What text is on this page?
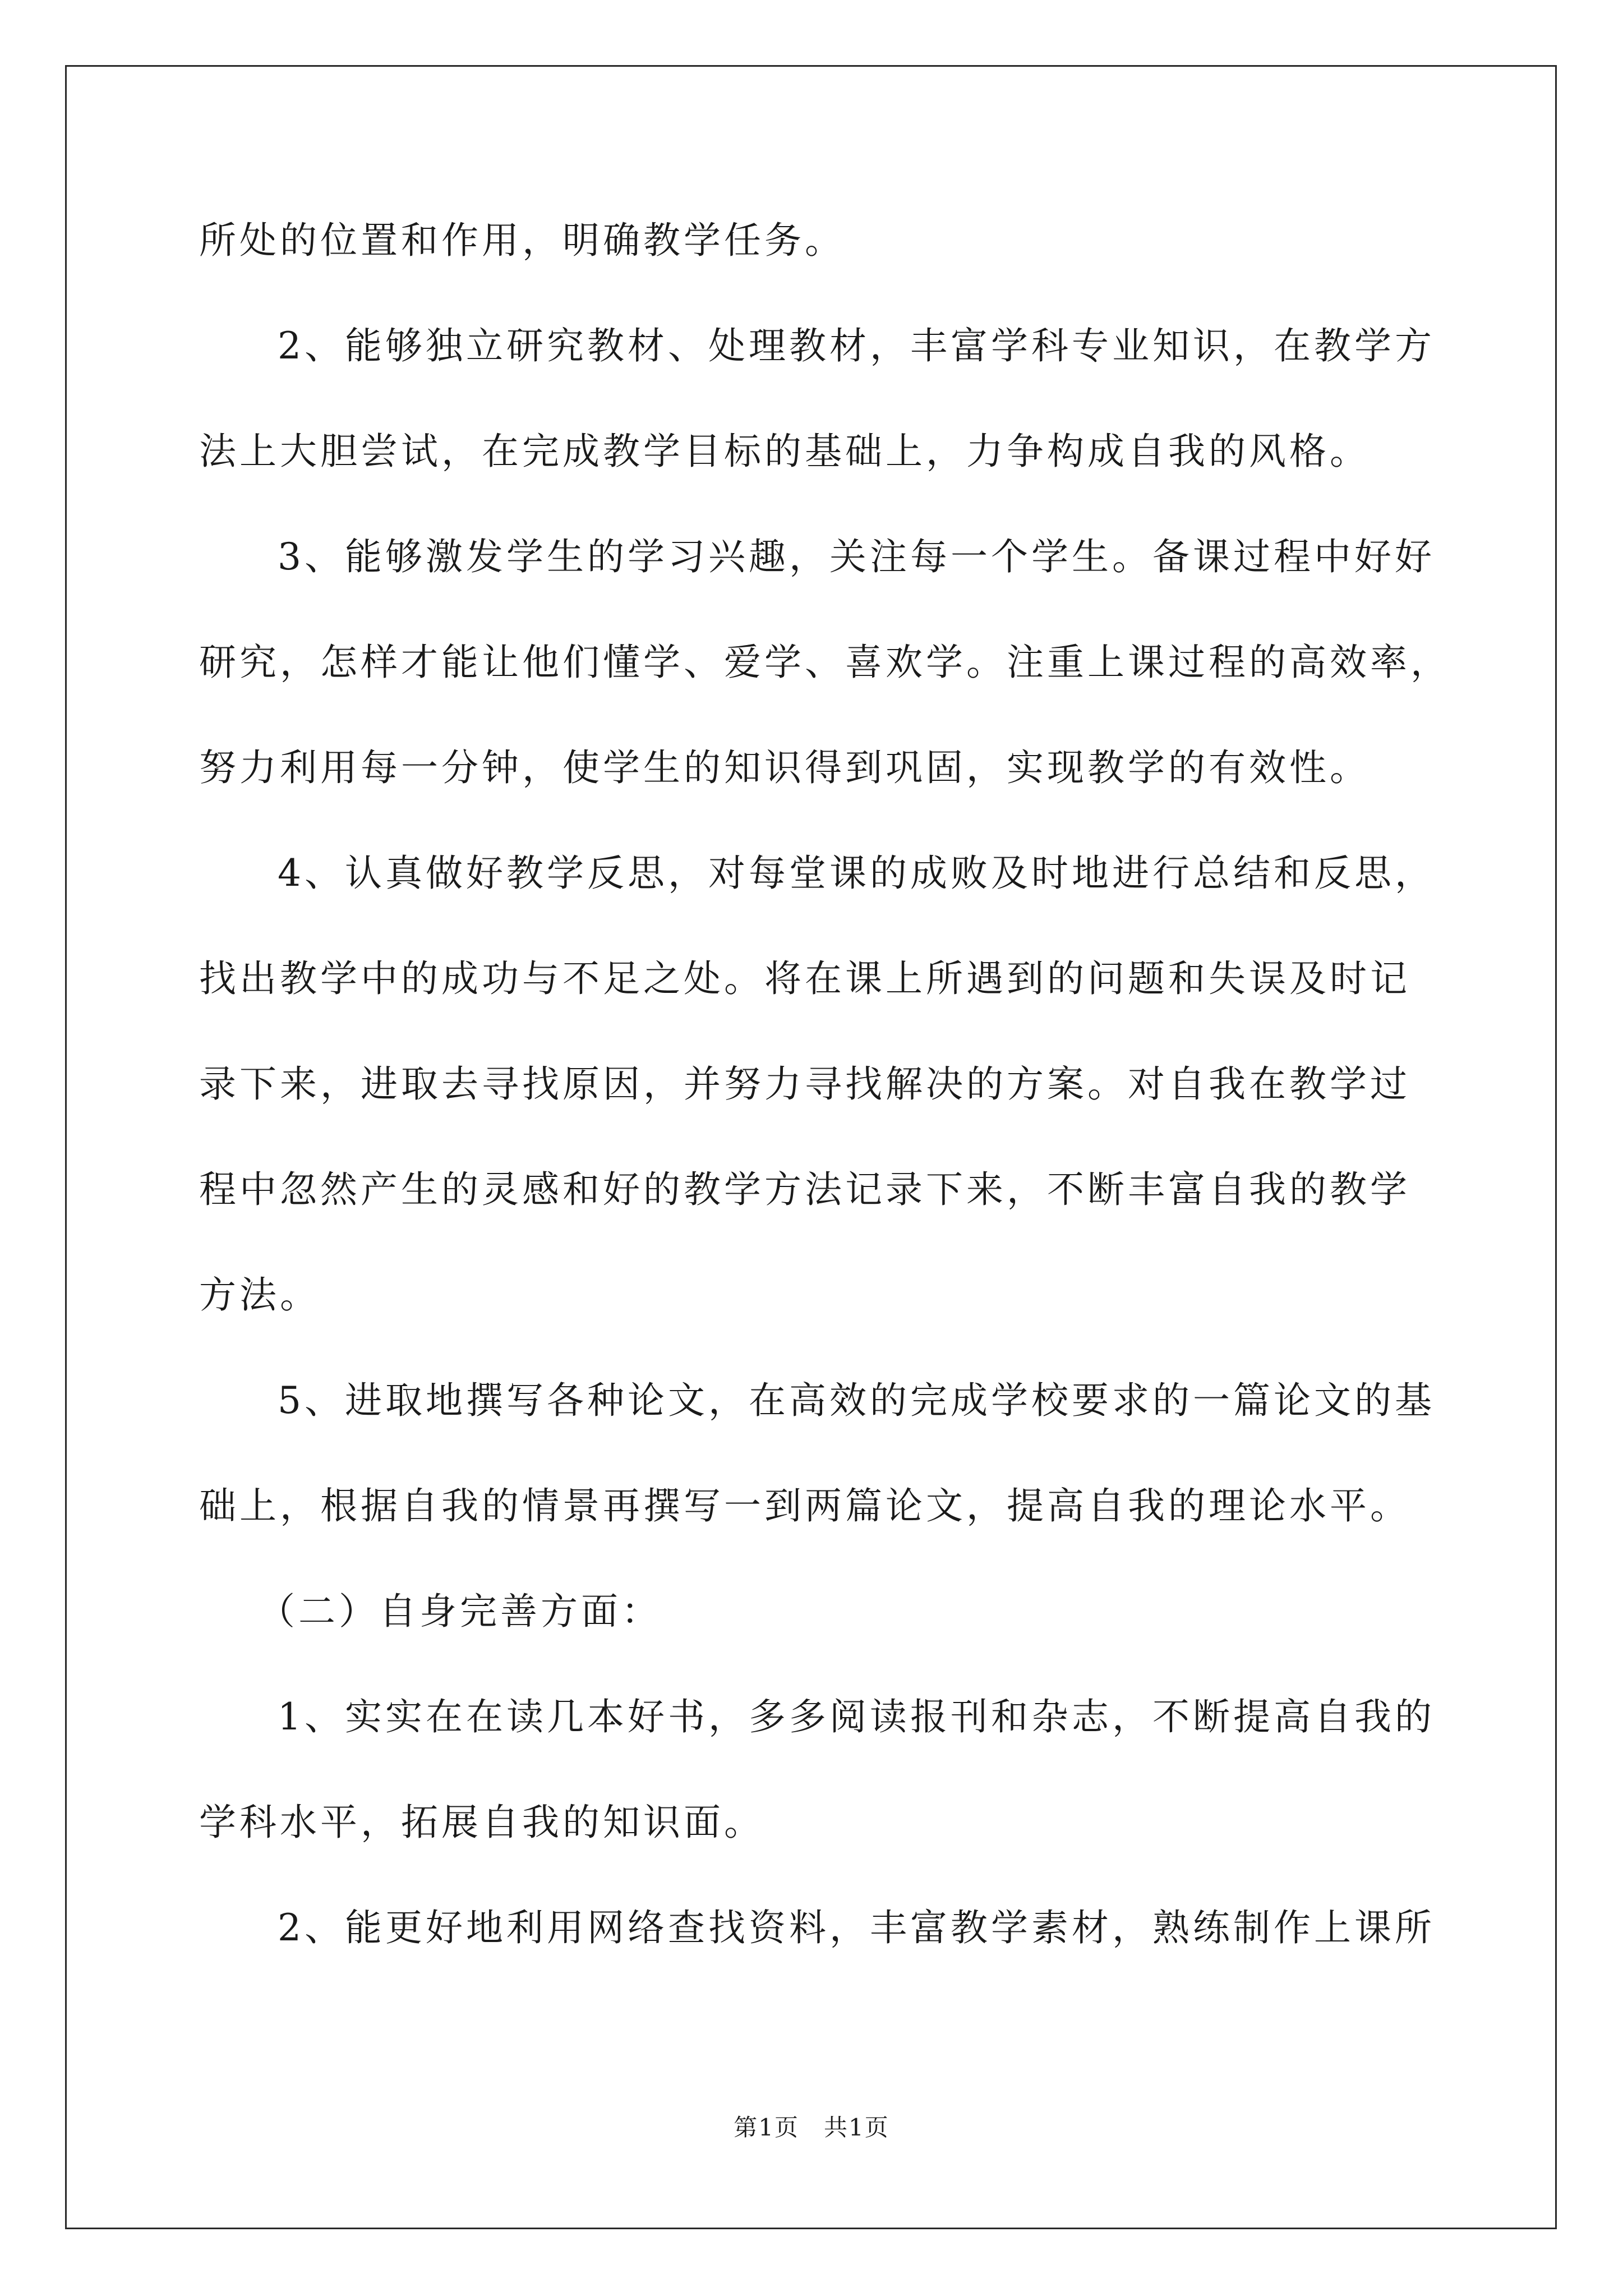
所处的位置和作用，明确教学任务。
2、能够独立研究教材、处理教材，丰富学科专业知识，在教学方
法上大胆尝试，在完成教学目标的基础上，力争构成自我的风格。
3、能够激发学生的学习兴趣，关注每一个学生。备课过程中好好
研究，怎样才能让他们懂学、爱学、喜欢学。注重上课过程的高效率，
努力利用每一分钟，使学生的知识得到巩固，实现教学的有效性。
4、认真做好教学反思，对每堂课的成败及时地进行总结和反思，
找出教学中的成功与不足之处。将在课上所遇到的问题和失误及时记
录下来，进取去寻找原因，并努力寻找解决的方案。对自我在教学过
程中忽然产生的灵感和好的教学方法记录下来，不断丰富自我的教学
方法。
5、进取地撰写各种论文，在高效的完成学校要求的一篇论文的基
础上，根据自我的情景再撰写一到两篇论文，提高自我的理论水平。
（二）自身完善方面：
1、实实在在读几本好书，多多阅读报刊和杂志，不断提高自我的
学科水平，拓展自我的知识面。
2、能更好地利用网络查找资料，丰富教学素材，熟练制作上课所
第1页　共1页
